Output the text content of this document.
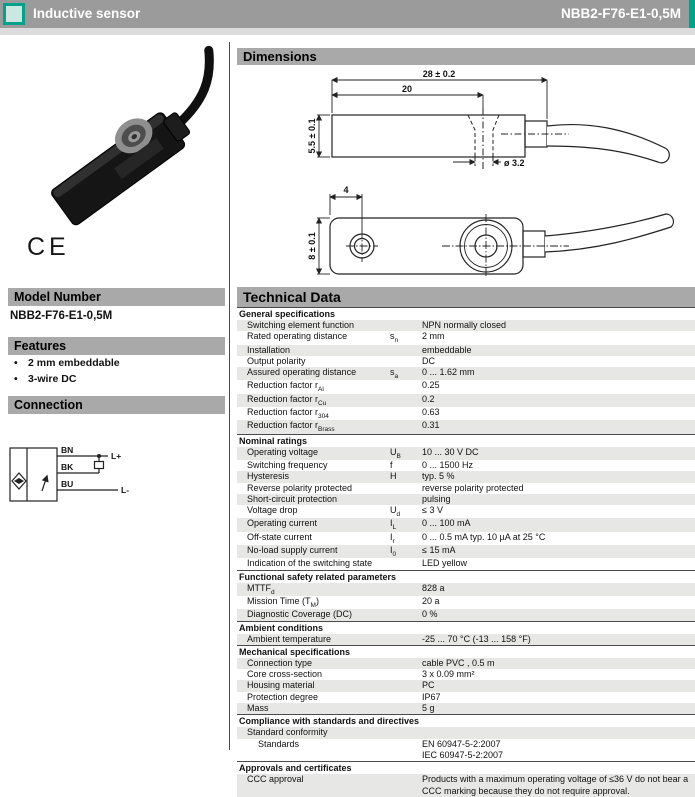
Inductive sensor	NBB2-F76-E1-0,5M
CE
Model Number
NBB2-F76-E1-0,5M
Features
• 2 mm embeddable
• 3-wire DC
Connection
BN
BK
BU
L+
L-
Dimensions
28 ± 0.2
20
5.5 ± 0.1
ø 3.2
4
8 ± 0.1
Technical Data
General specifications
Switching element function	NPN normally closed
Rated operating distance	$s_n$	2 mm
Installation	embeddable
Output polarity	DC
Assured operating distance	$s_a$	0 ... 1.62 mm
Reduction factor $r_{Al}$	0.25
Reduction factor $r_{Cu}$	0.2
Reduction factor $r_{304}$	0.63
Reduction factor $r_{Brass}$	0.31
Nominal ratings
Operating voltage	$U_B$	10 ... 30 V DC
Switching frequency	f	0 ... 1500 Hz
Hysteresis	H	typ. 5 %
Reverse polarity protected	reverse polarity protected
Short-circuit protection	pulsing
Voltage drop	$U_d$	≤ 3 V
Operating current	$I_L$	0 ... 100 mA
Off-state current	$I_r$	0 ... 0.5 mA typ. 10 µA at 25 °C
No-load supply current	$I_0$	≤ 15 mA
Indication of the switching state	LED yellow
Functional safety related parameters
$MTTF_d$	828 a
Mission Time $(T_M)$	20 a
Diagnostic Coverage (DC)	0 %
Ambient conditions
Ambient temperature	-25 ... 70 °C (-13 ... 158 °F)
Mechanical specifications
Connection type	cable PVC , 0.5 m
Core cross-section	3 x 0.09 mm²
Housing material	PC
Protection degree	IP67
Mass	5 g
Compliance with standards and directives
Standard conformity
Standards	EN 60947-5-2:2007
IEC 60947-5-2:2007
Approvals and certificates
CCC approval	Products with a maximum operating voltage of ≤36 V do not bear a
CCC marking because they do not require approval.
